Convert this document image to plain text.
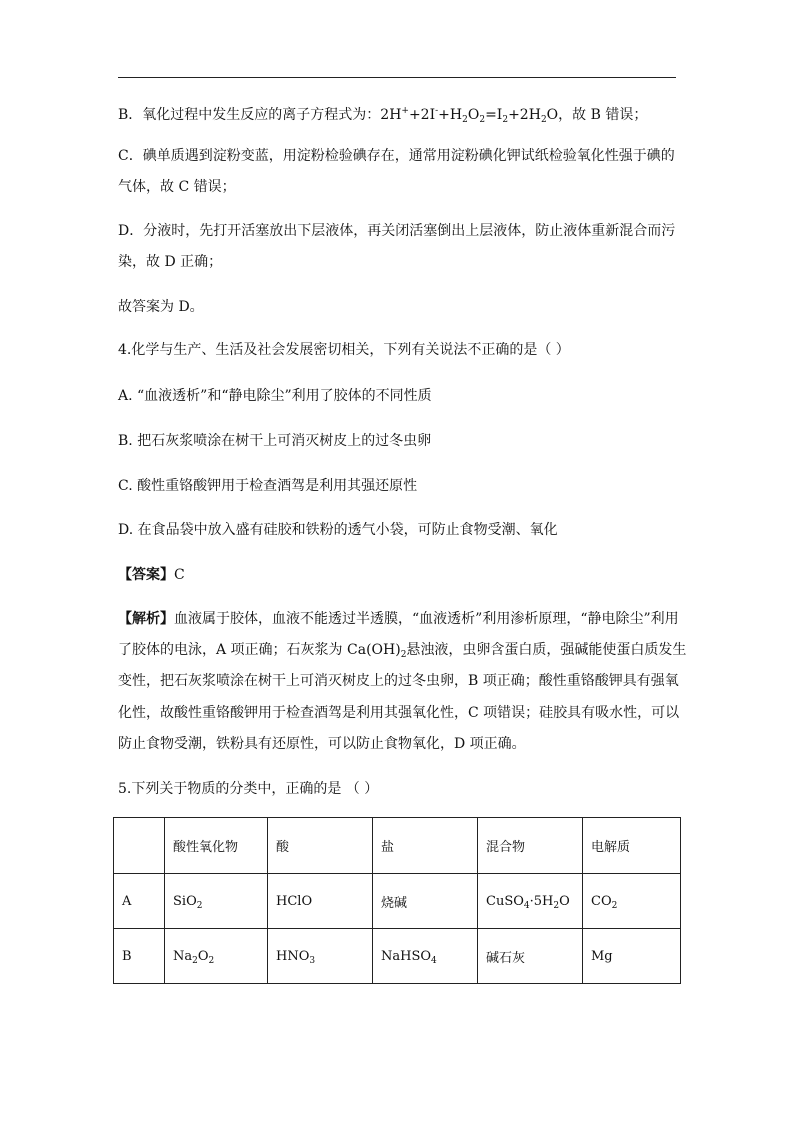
B．氧化过程中发生反应的离子方程式为：$2H^++2I^-+H_2O_2=I_2+2H_2O$，故 B 错误；
C．碘单质遇到淀粉变蓝，用淀粉检验碘存在，通常用淀粉碘化钾试纸检验氧化性强于碘的
气体，故 C 错误；
D．分液时，先打开活塞放出下层液体，再关闭活塞倒出上层液体，防止液体重新混合而污
染，故 D 正确；
故答案为 D。
4.化学与生产、生活及社会发展密切相关，下列有关说法不正确的是（ ）
A. “血液透析”和“静电除尘”利用了胶体的不同性质
B. 把石灰浆喷涂在树干上可消灭树皮上的过冬虫卵
C. 酸性重铬酸钾用于检查酒驾是利用其强还原性
D. 在食品袋中放入盛有硅胶和铁粉的透气小袋，可防止食物受潮、氧化
【答案】C
【解析】血液属于胶体，血液不能透过半透膜，“血液透析”利用渗析原理，“静电除尘”利用
了胶体的电泳，A 项正确；石灰浆为 $Ca(OH)_2$悬浊液，虫卵含蛋白质，强碱能使蛋白质发生
变性，把石灰浆喷涂在树干上可消灭树皮上的过冬虫卵，B 项正确；酸性重铬酸钾具有强氧
化性，故酸性重铬酸钾用于检查酒驾是利用其强氧化性，C 项错误；硅胶具有吸水性，可以
防止食物受潮，铁粉具有还原性，可以防止食物氧化，D 项正确。
5.下列关于物质的分类中，正确的是 （ ）
	酸性氧化物	酸	盐	混合物	电解质
A	SiO$_2$	HClO	烧碱	$CuSO_4\cdot 5H_2O$	$CO_2$
B	$Na_2O_2$	$HNO_3$	NaHSO$_4$	碱石灰	Mg
